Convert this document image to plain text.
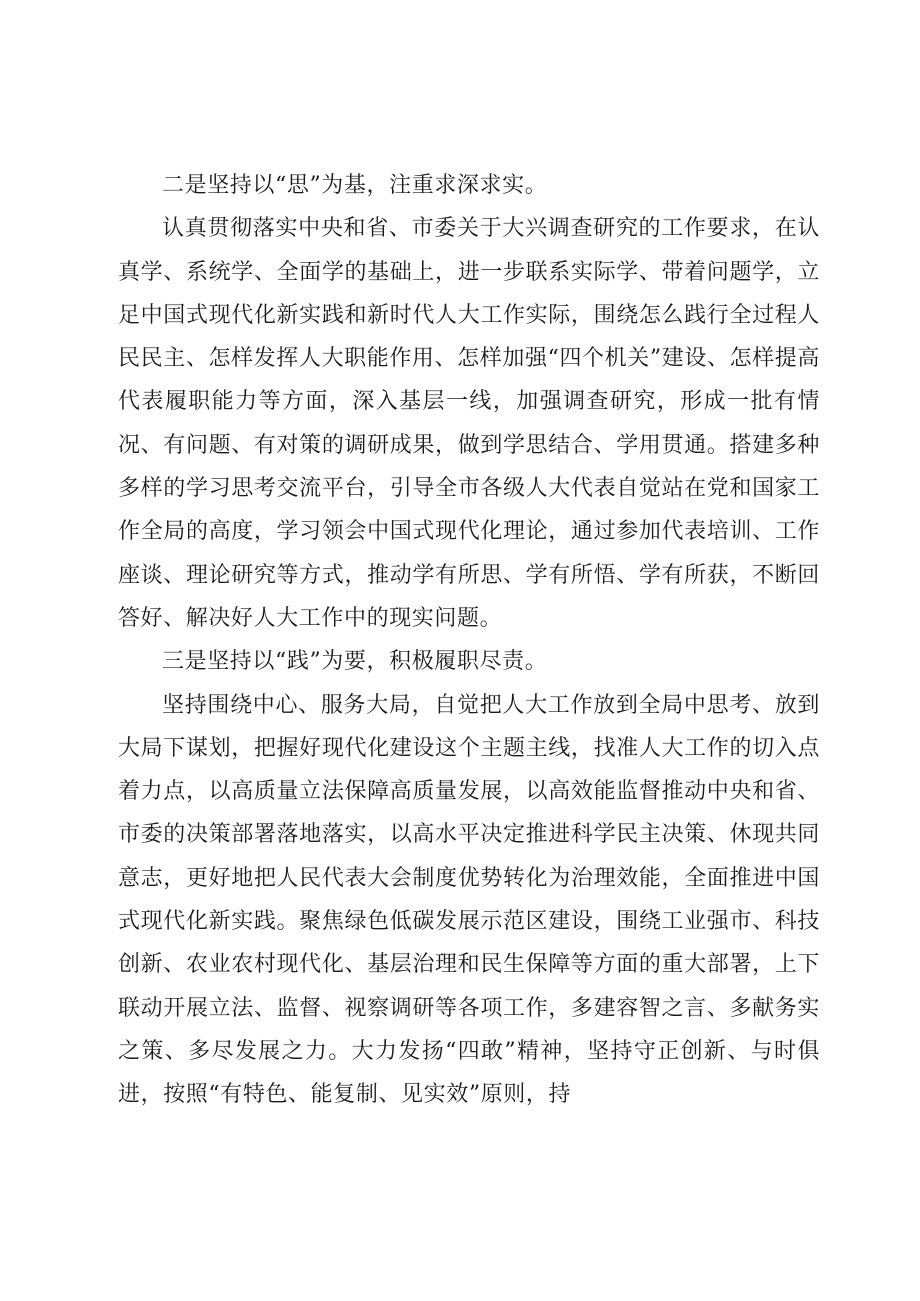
二是坚持以“思”为基，注重求深求实。

认真贯彻落实中央和省、市委关于大兴调查研究的工作要求，在认真学、系统学、全面学的基础上，进一步联系实际学、带着问题学，立足中国式现代化新实践和新时代人大工作实际，围绕怎么践行全过程人民民主、怎样发挥人大职能作用、怎样加强“四个机关”建设、怎样提高代表履职能力等方面，深入基层一线，加强调查研究，形成一批有情况、有问题、有对策的调研成果，做到学思结合、学用贯通。搭建多种多样的学习思考交流平台，引导全市各级人大代表自觉站在党和国家工作全局的高度，学习领会中国式现代化理论，通过参加代表培训、工作座谈、理论研究等方式，推动学有所思、学有所悟、学有所获，不断回答好、解决好人大工作中的现实问题。

三是坚持以“践”为要，积极履职尽责。

坚持围绕中心、服务大局，自觉把人大工作放到全局中思考、放到大局下谋划，把握好现代化建设这个主题主线，找准人大工作的切入点着力点，以高质量立法保障高质量发展，以高效能监督推动中央和省、市委的决策部署落地落实，以高水平决定推进科学民主决策、休现共同意志，更好地把人民代表大会制度优势转化为治理效能，全面推进中国式现代化新实践。聚焦绿色低碳发展示范区建设，围绕工业强市、科技创新、农业农村现代化、基层治理和民生保障等方面的重大部署，上下联动开展立法、监督、视察调研等各项工作，多建容智之言、多献务实之策、多尽发展之力。大力发扬“四敢”精神，坚持守正创新、与时俱进，按照“有特色、能复制、见实效”原则，持
